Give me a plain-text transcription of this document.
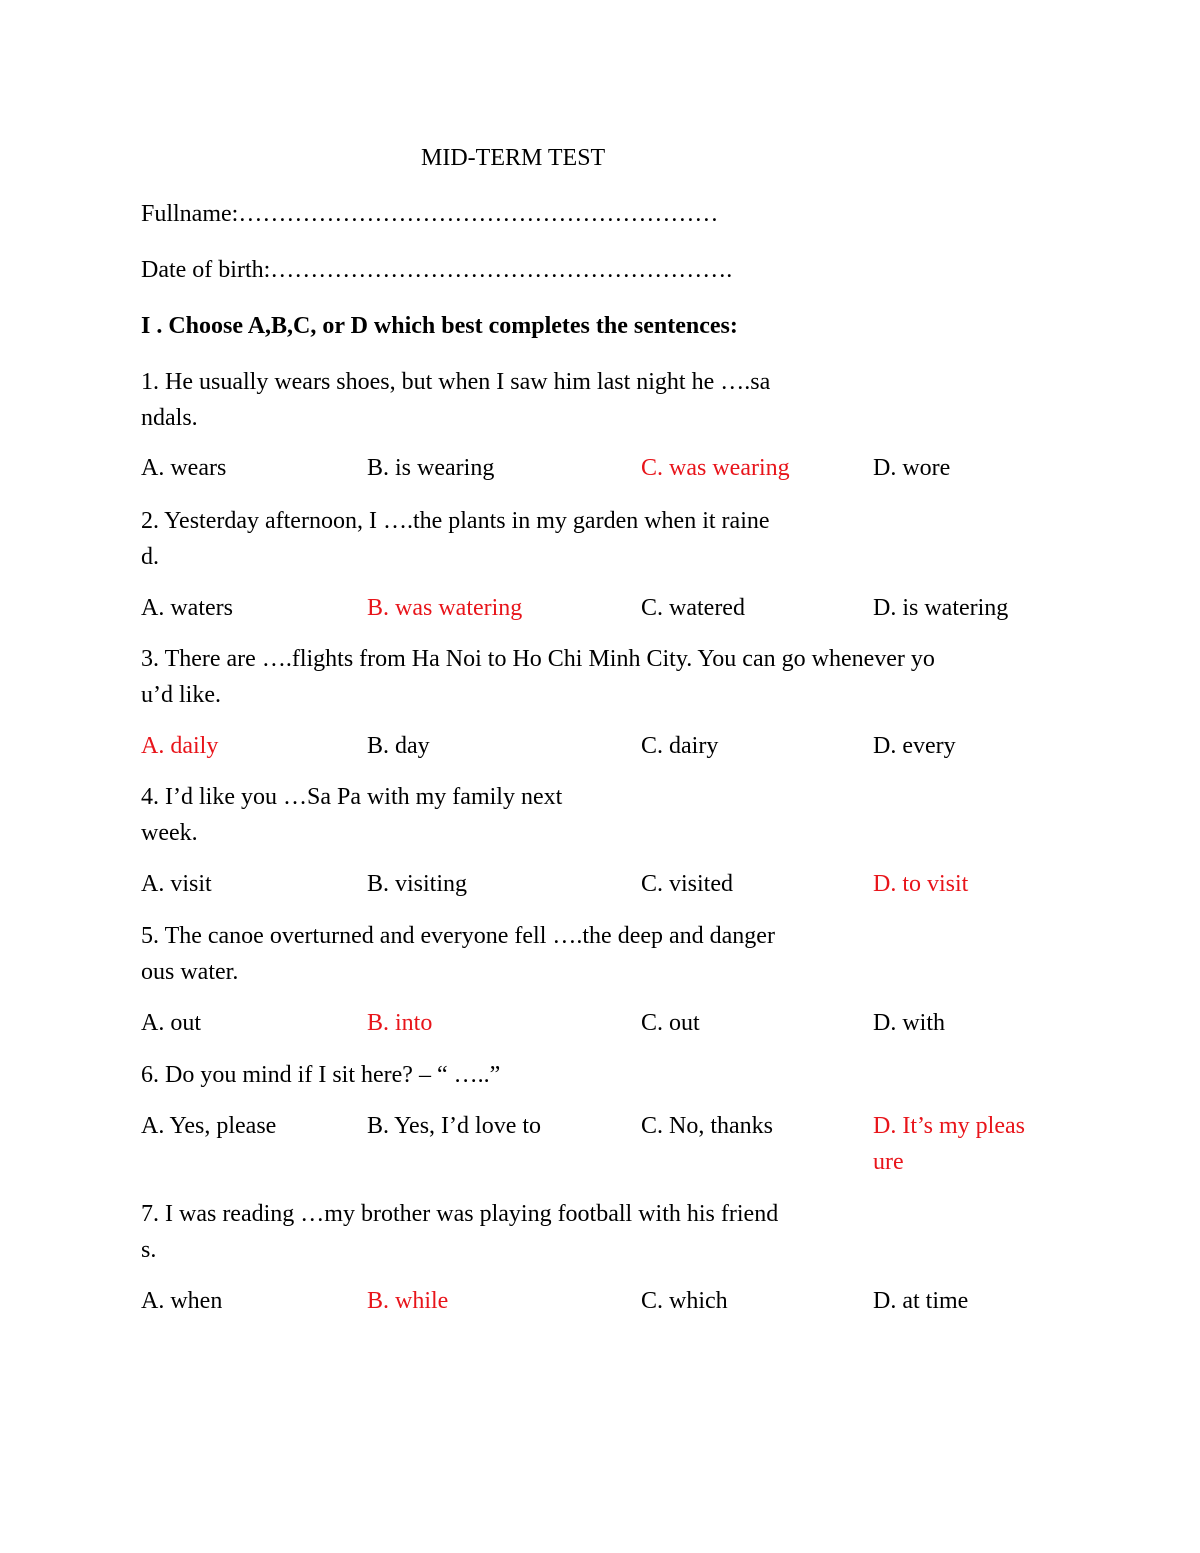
MID-TERM TEST
Fullname:……………………………………………………
Date of birth:………………………………………………….
I . Choose A,B,C, or D which best completes the sentences:
1. He usually wears shoes, but when I saw him last night he ….sa
ndals.
A. wears	B. is wearing	C. was wearing	D. wore
2. Yesterday afternoon, I ….the plants in my garden when it raine
d.
A. waters	B. was watering	C. watered	D. is watering
3. There are ….flights from Ha Noi to Ho Chi Minh City. You can go whenever yo
u’d like.
A. daily	B. day	C. dairy	D. every
4. I’d like you …Sa Pa with my family next
week.
A. visit	B. visiting	C. visited	D. to visit
5. The canoe overturned and everyone fell ….the deep and danger
ous water.
A. out	B. into	C. out	D. with
6. Do you mind if I sit here? – “ …..”
A. Yes, please	B. Yes, I’d love to	C. No, thanks	D. It’s my pleas
ure
7. I was reading …my brother was playing football with his friend
s.
A. when	B. while	C. which	D. at time
